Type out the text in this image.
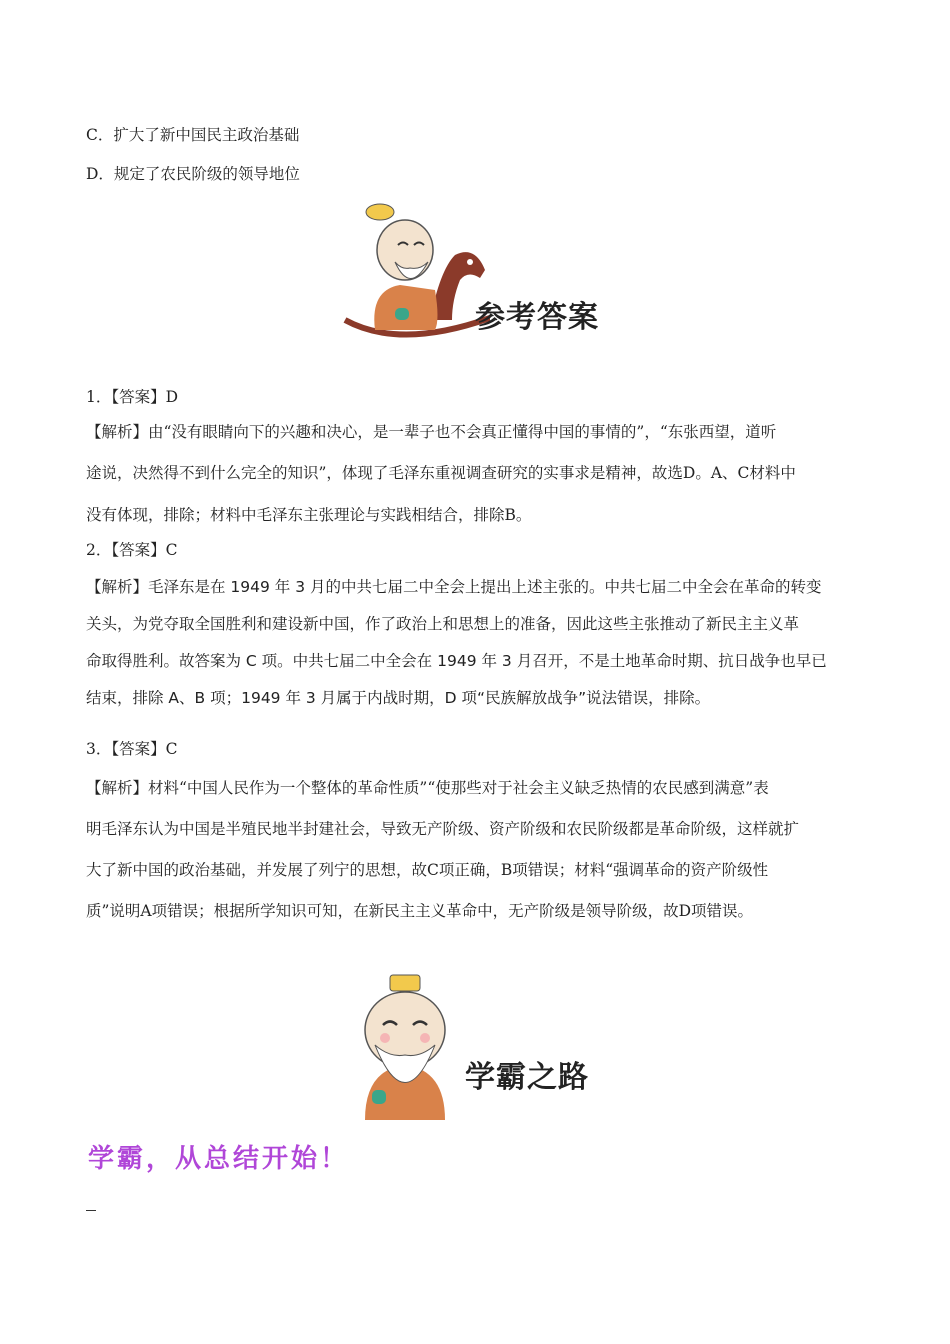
C．扩大了新中国民主政治基础
D．规定了农民阶级的领导地位
参考答案
1．【答案】D
【解析】由“没有眼睛向下的兴趣和决心，是一辈子也不会真正懂得中国的事情的”，“东张西望，道听
途说，决然得不到什么完全的知识”，体现了毛泽东重视调查研究的实事求是精神，故选D。A、C材料中
没有体现，排除；材料中毛泽东主张理论与实践相结合，排除B。
2．【答案】C
【解析】毛泽东是在 1949 年 3 月的中共七届二中全会上提出上述主张的。中共七届二中全会在革命的转变
关头，为党夺取全国胜利和建设新中国，作了政治上和思想上的准备，因此这些主张推动了新民主主义革
命取得胜利。故答案为 C 项。中共七届二中全会在 1949 年 3 月召开，不是土地革命时期、抗日战争也早已
结束，排除 A、B 项；1949 年 3 月属于内战时期，D 项“民族解放战争”说法错误，排除。
3．【答案】C
【解析】材料“中国人民作为一个整体的革命性质”“使那些对于社会主义缺乏热情的农民感到满意”表
明毛泽东认为中国是半殖民地半封建社会，导致无产阶级、资产阶级和农民阶级都是革命阶级，这样就扩
大了新中国的政治基础，并发展了列宁的思想，故C项正确，B项错误；材料“强调革命的资产阶级性
质”说明A项错误；根据所学知识可知，在新民主主义革命中，无产阶级是领导阶级，故D项错误。
学霸之路
学霸，从总结开始！
